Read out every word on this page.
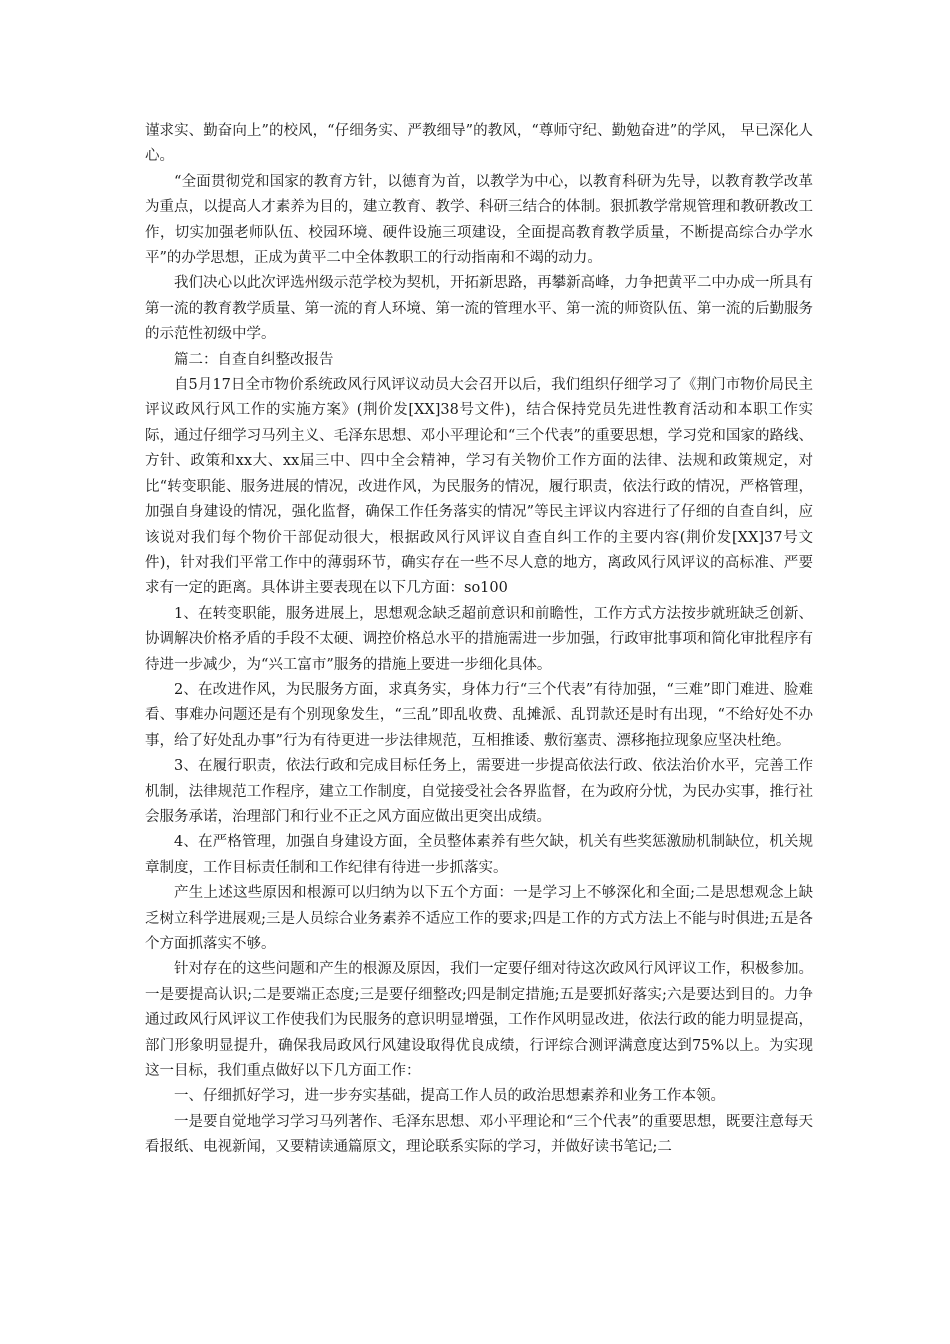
谨求实、勤奋向上”的校风，“仔细务实、严教细导”的教风，“尊师守纪、勤勉奋进”的学风， 早已深化人心。

“全面贯彻党和国家的教育方针，以德育为首，以教学为中心，以教育科研为先导，以教育教学改革为重点，以提高人才素养为目的，建立教育、教学、科研三结合的体制。狠抓教学常规管理和教研教改工作，切实加强老师队伍、校园环境、硬件设施三项建设，全面提高教育教学质量，不断提高综合办学水平”的办学思想，正成为黄平二中全体教职工的行动指南和不竭的动力。

我们决心以此次评选州级示范学校为契机，开拓新思路，再攀新高峰，力争把黄平二中办成一所具有第一流的教育教学质量、第一流的育人环境、第一流的管理水平、第一流的师资队伍、第一流的后勤服务的示范性初级中学。

篇二：自查自纠整改报告

自5月17日全市物价系统政风行风评议动员大会召开以后，我们组织仔细学习了《荆门市物价局民主评议政风行风工作的实施方案》(荆价发[XX]38号文件)，结合保持党员先进性教育活动和本职工作实际，通过仔细学习马列主义、毛泽东思想、邓小平理论和“三个代表”的重要思想，学习党和国家的路线、方针、政策和xx大、xx届三中、四中全会精神，学习有关物价工作方面的法律、法规和政策规定，对比“转变职能、服务进展的情况，改进作风，为民服务的情况，履行职责，依法行政的情况，严格管理，加强自身建设的情况，强化监督，确保工作任务落实的情况”等民主评议内容进行了仔细的自查自纠，应该说对我们每个物价干部促动很大，根据政风行风评议自查自纠工作的主要内容(荆价发[XX]37号文件)，针对我们平常工作中的薄弱环节，确实存在一些不尽人意的地方，离政风行风评议的高标准、严要求有一定的距离。具体讲主要表现在以下几方面：so100

1、在转变职能，服务进展上，思想观念缺乏超前意识和前瞻性，工作方式方法按步就班缺乏创新、协调解决价格矛盾的手段不太硬、调控价格总水平的措施需进一步加强，行政审批事项和简化审批程序有待进一步减少，为“兴工富市”服务的措施上要进一步细化具体。

2、在改进作风，为民服务方面，求真务实，身体力行“三个代表”有待加强，“三难”即门难进、脸难看、事难办问题还是有个别现象发生，“三乱”即乱收费、乱摊派、乱罚款还是时有出现，“不给好处不办事，给了好处乱办事”行为有待更进一步法律规范，互相推诿、敷衍塞责、漂移拖拉现象应坚决杜绝。

3、在履行职责，依法行政和完成目标任务上，需要进一步提高依法行政、依法治价水平，完善工作机制，法律规范工作程序，建立工作制度，自觉接受社会各界监督，在为政府分忧，为民办实事，推行社会服务承诺，治理部门和行业不正之风方面应做出更突出成绩。

4、在严格管理，加强自身建设方面，全员整体素养有些欠缺，机关有些奖惩激励机制缺位，机关规章制度，工作目标责任制和工作纪律有待进一步抓落实。

产生上述这些原因和根源可以归纳为以下五个方面：一是学习上不够深化和全面;二是思想观念上缺乏树立科学进展观;三是人员综合业务素养不适应工作的要求;四是工作的方式方法上不能与时俱进;五是各个方面抓落实不够。

针对存在的这些问题和产生的根源及原因，我们一定要仔细对待这次政风行风评议工作，积极参加。一是要提高认识;二是要端正态度;三是要仔细整改;四是制定措施;五是要抓好落实;六是要达到目的。力争通过政风行风评议工作使我们为民服务的意识明显增强，工作作风明显改进，依法行政的能力明显提高，部门形象明显提升，确保我局政风行风建设取得优良成绩，行评综合测评满意度达到75%以上。为实现这一目标，我们重点做好以下几方面工作：

一、仔细抓好学习，进一步夯实基础，提高工作人员的政治思想素养和业务工作本领。

一是要自觉地学习学习马列著作、毛泽东思想、邓小平理论和“三个代表”的重要思想，既要注意每天看报纸、电视新闻，又要精读通篇原文，理论联系实际的学习，并做好读书笔记;二
